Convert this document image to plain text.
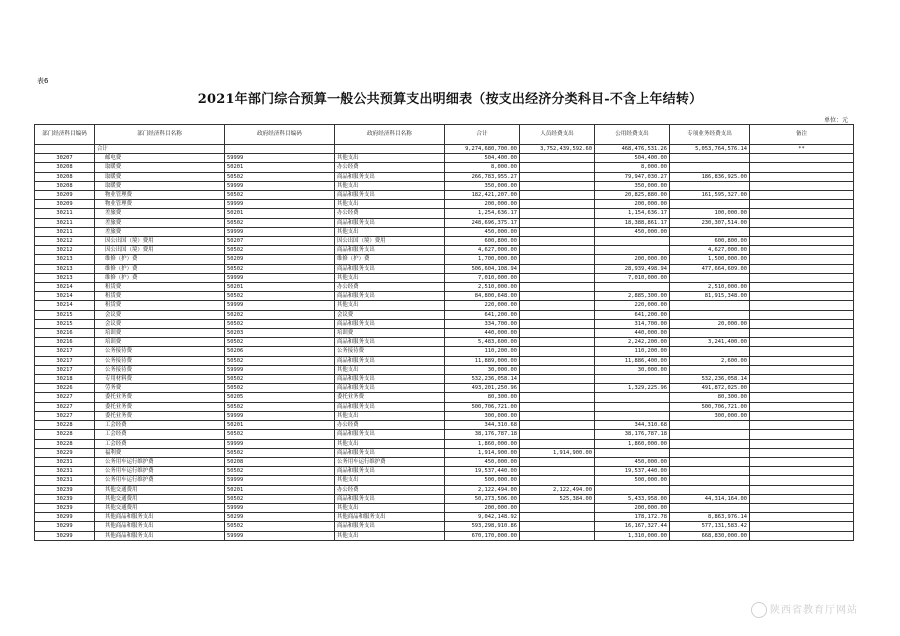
表6
2021年部门综合预算一般公共预算支出明细表（按支出经济分类科目-不含上年结转）
单位：元
部门经济科目编码	部门经济科目名称	政府经济科目编码	政府经济科目名称	合计	人员经费支出	公用经费支出	专项业务经费支出	备注
	合计			9,274,680,700.00	3,752,439,592.60	468,476,531.26	5,053,764,576.14	**
30207	邮电费	59999	其他支出	504,400.00		504,400.00		
30208	取暖费	50201	办公经费	8,000.00		8,000.00		
30208	取暖费	50502	商品和服务支出	266,783,955.27		79,947,030.27	186,836,925.00	
30208	取暖费	59999	其他支出	350,000.00		350,000.00		
30209	物业管理费	50502	商品和服务支出	182,421,207.00		20,825,880.00	161,595,327.00	
30209	物业管理费	59999	其他支出	200,000.00		200,000.00		
30211	差旅费	50201	办公经费	1,254,636.17		1,154,636.17	100,000.00	
30211	差旅费	50502	商品和服务支出	248,696,375.17		18,388,861.17	230,307,514.00	
30211	差旅费	59999	其他支出	450,000.00		450,000.00		
30212	因公出国（境）费用	50207	因公出国（境）费用	600,800.00			600,800.00	
30212	因公出国（境）费用	50502	商品和服务支出	4,627,000.00			4,627,000.00	
30213	维修（护）费	50209	维修（护）费	1,700,000.00		200,000.00	1,500,000.00	
30213	维修（护）费	50502	商品和服务支出	506,604,108.94		28,939,498.94	477,664,609.00	
30213	维修（护）费	59999	其他支出	7,010,000.00		7,010,000.00		
30214	租赁费	50201	办公经费	2,510,000.00			2,510,000.00	
30214	租赁费	50502	商品和服务支出	84,800,648.00		2,885,300.00	81,915,348.00	
30214	租赁费	59999	其他支出	220,000.00		220,000.00		
30215	会议费	50202	会议费	641,200.00		641,200.00		
30215	会议费	50502	商品和服务支出	334,700.00		314,700.00	20,000.00	
30216	培训费	50203	培训费	440,000.00		440,000.00		
30216	培训费	50502	商品和服务支出	5,483,600.00		2,242,200.00	3,241,400.00	
30217	公务接待费	50206	公务接待费	110,200.00		110,200.00		
30217	公务接待费	50502	商品和服务支出	11,889,000.00		11,886,400.00	2,600.00	
30217	公务接待费	59999	其他支出	30,000.00		30,000.00		
30218	专用材料费	50502	商品和服务支出	532,236,058.14			532,236,058.14	
30226	劳务费	50502	商品和服务支出	493,201,250.96		1,329,225.96	491,872,025.00	
30227	委托业务费	50205	委托业务费	80,300.00			80,300.00	
30227	委托业务费	50502	商品和服务支出	500,706,721.00			500,706,721.00	
30227	委托业务费	59999	其他支出	300,000.00			300,000.00	
30228	工会经费	50201	办公经费	344,310.68		344,310.68		
30228	工会经费	50502	商品和服务支出	38,176,787.18		38,176,787.18		
30228	工会经费	59999	其他支出	1,860,000.00		1,860,000.00		
30229	福利费	50502	商品和服务支出	1,914,900.00	1,914,900.00			
30231	公务用车运行维护费	50208	公务用车运行维护费	450,000.00		450,000.00		
30231	公务用车运行维护费	50502	商品和服务支出	19,537,440.00		19,537,440.00		
30231	公务用车运行维护费	59999	其他支出	500,000.00		500,000.00		
30239	其他交通费用	50201	办公经费	2,122,494.00	2,122,494.00			
30239	其他交通费用	50502	商品和服务支出	50,273,506.00	525,384.00	5,433,958.00	44,314,164.00	
30239	其他交通费用	59999	其他支出	200,000.00		200,000.00		
30299	其他商品和服务支出	50299	其他商品和服务支出	9,042,148.92		178,172.78	8,863,976.14	
30299	其他商品和服务支出	50502	商品和服务支出	593,298,910.86		16,167,327.44	577,131,583.42	
30299	其他商品和服务支出	59999	其他支出	670,170,000.00		1,310,000.00	668,830,000.00	
陕西省教育厅网站
